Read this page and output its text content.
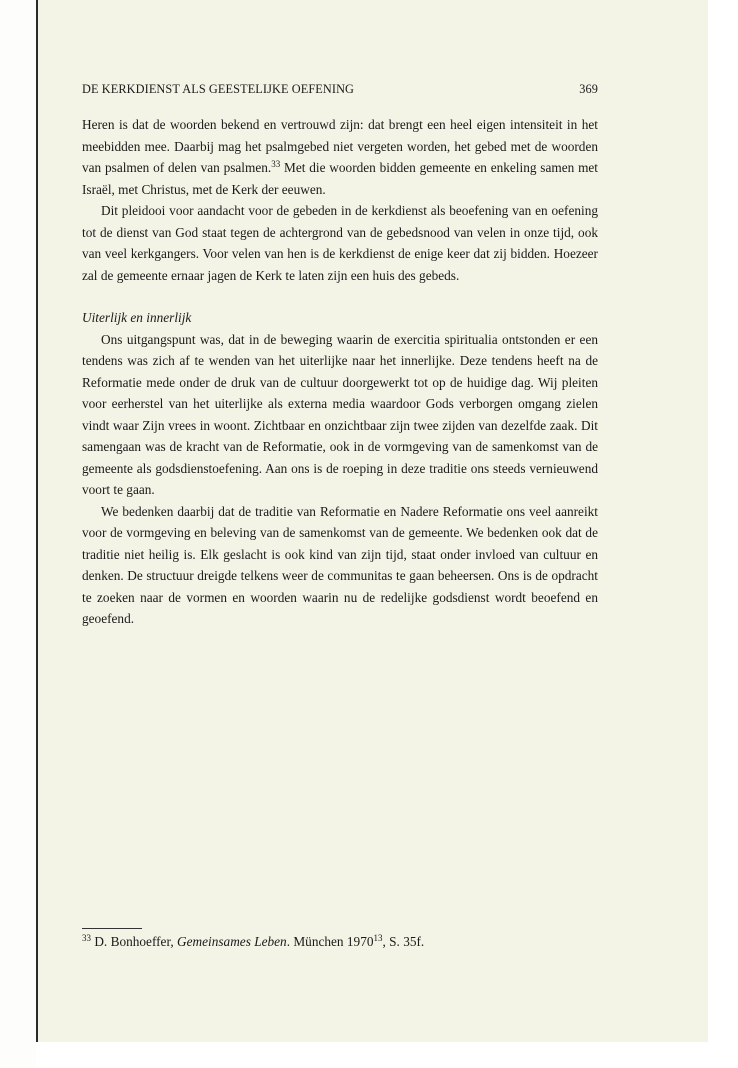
DE KERKDIENST ALS GEESTELIJKE OEFENING	369

Heren is dat de woorden bekend en vertrouwd zijn: dat brengt een heel eigen intensiteit in het meebidden mee. Daarbij mag het psalmgebed niet vergeten worden, het gebed met de woorden van psalmen of delen van psalmen.$^{33}$ Met die woorden bidden gemeente en enkeling samen met Israël, met Christus, met de Kerk der eeuwen.

Dit pleidooi voor aandacht voor de gebeden in de kerkdienst als beoefening van en oefening tot de dienst van God staat tegen de achtergrond van de gebedsnood van velen in onze tijd, ook van veel kerkgangers. Voor velen van hen is de kerkdienst de enige keer dat zij bidden. Hoezeer zal de gemeente ernaar jagen de Kerk te laten zijn een huis des gebeds.

Uiterlijk en innerlijk

Ons uitgangspunt was, dat in de beweging waarin de exercitia spiritualia ontstonden er een tendens was zich af te wenden van het uiterlijke naar het innerlijke. Deze tendens heeft na de Reformatie mede onder de druk van de cultuur doorgewerkt tot op de huidige dag. Wij pleiten voor eerherstel van het uiterlijke als externa media waardoor Gods verborgen omgang zielen vindt waar Zijn vrees in woont. Zichtbaar en onzichtbaar zijn twee zijden van dezelfde zaak. Dit samengaan was de kracht van de Reformatie, ook in de vormgeving van de samenkomst van de gemeente als godsdienstoefening. Aan ons is de roeping in deze traditie ons steeds vernieuwend voort te gaan.

We bedenken daarbij dat de traditie van Reformatie en Nadere Reformatie ons veel aanreikt voor de vormgeving en beleving van de samenkomst van de gemeente. We bedenken ook dat de traditie niet heilig is. Elk geslacht is ook kind van zijn tijd, staat onder invloed van cultuur en denken. De structuur dreigde telkens weer de communitas te gaan beheersen. Ons is de opdracht te zoeken naar de vormen en woorden waarin nu de redelijke godsdienst wordt beoefend en geoefend.

$^{33}$ D. Bonhoeffer, Gemeinsames Leben. München 1970$^{13}$, S. 35f.
